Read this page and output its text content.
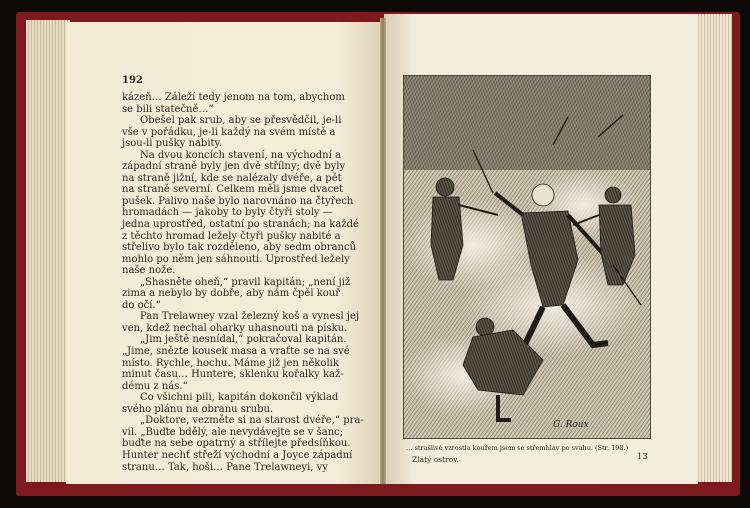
192
kázeň… Záleží tedy jenom na tom, abychom
se bili statečně…“
Obešel pak srub, aby se přesvědčil, je-li
vše v pořádku, je-li každý na svém místě a
jsou-li pušky nabity.
Na dvou koncích stavení, na východní a
západní straně byly jen dvě střílny; dvě byly
na straně jižní, kde se nalézaly dvéře, a pět
na straně severní. Celkem měli jsme dvacet
pušek. Palivo naše bylo narovnáno na čtyřech
hromadách — jakoby to byly čtyři stoly —
jedna uprostřed, ostatní po stranách; na každé
z těchto hromad ležely čtyři pušky nabité a
střelivo bylo tak rozděleno, aby sedm obranců
mohlo po něm jen sáhnouti. Uprostřed ležely
naše nože.
„Shasněte oheň,“ pravil kapitán; „není již
zima a nebylo by dobře, aby nám čpěl kouř
do očí.“
Pan Trelawney vzal železný koš a vynesl jej
ven, kdež nechal oharky uhasnouti na písku.
„Jim ještě nesnídal,“ pokračoval kapitán.
„Jime, snězte kousek masa a vraťte se na své
místo. Rychle, hochu. Máme již jen několik
minut času… Huntere, sklenku kořalky kaž-
dému z nás.“
Co všichni pili, kapitán dokončil výklad
svého plánu na obranu srubu.
„Doktore, vezměte si na starost dvéře,“ pra-
vil. „Buďte bdělý, ale nevydávejte se v šanc;
buďte na sebe opatrný a střílejte předsíňkou.
Hunter nechť střeží východní a Joyce západní
stranu… Tak, hoši… Pane Trelawneyi, vy
G. Roux
… strašlivé vzrostla kouřem jsem se střemhlav po svahu. (Str. 198.)
Zlatý ostrov.	13
